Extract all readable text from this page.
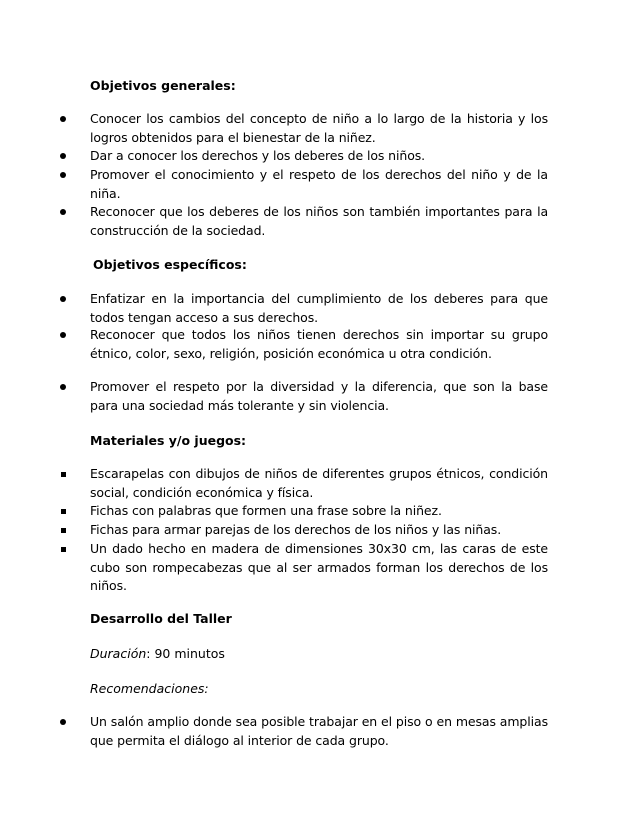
Objetivos generales:
Conocer los cambios del concepto de niño a lo largo de la historia y los logros obtenidos para el bienestar de la niñez.
Dar a conocer los derechos y los deberes de los niños.
Promover el conocimiento y el respeto de los derechos del niño y de la niña.
Reconocer que los deberes de los niños son también importantes para la construcción de la sociedad.
Objetivos específicos:
Enfatizar en la importancia del cumplimiento de los deberes para que todos tengan acceso a sus derechos.
Reconocer que todos los niños tienen derechos sin importar su grupo étnico, color, sexo, religión, posición económica u otra condición.
Promover el respeto por la diversidad y la diferencia, que son la base para una sociedad más tolerante y sin violencia.
Materiales y/o juegos:
Escarapelas con dibujos de niños de diferentes grupos étnicos, condición social, condición económica y física.
Fichas con palabras que formen una frase sobre la niñez.
Fichas para armar parejas de los derechos de los niños y las niñas.
Un dado hecho en madera de dimensiones 30x30 cm, las caras de este cubo son rompecabezas que al ser armados forman los derechos de los niños.
Desarrollo del Taller
Duración: 90 minutos
Recomendaciones:
Un salón amplio donde sea posible trabajar en el piso o en mesas amplias que permita el diálogo al interior de cada grupo.
